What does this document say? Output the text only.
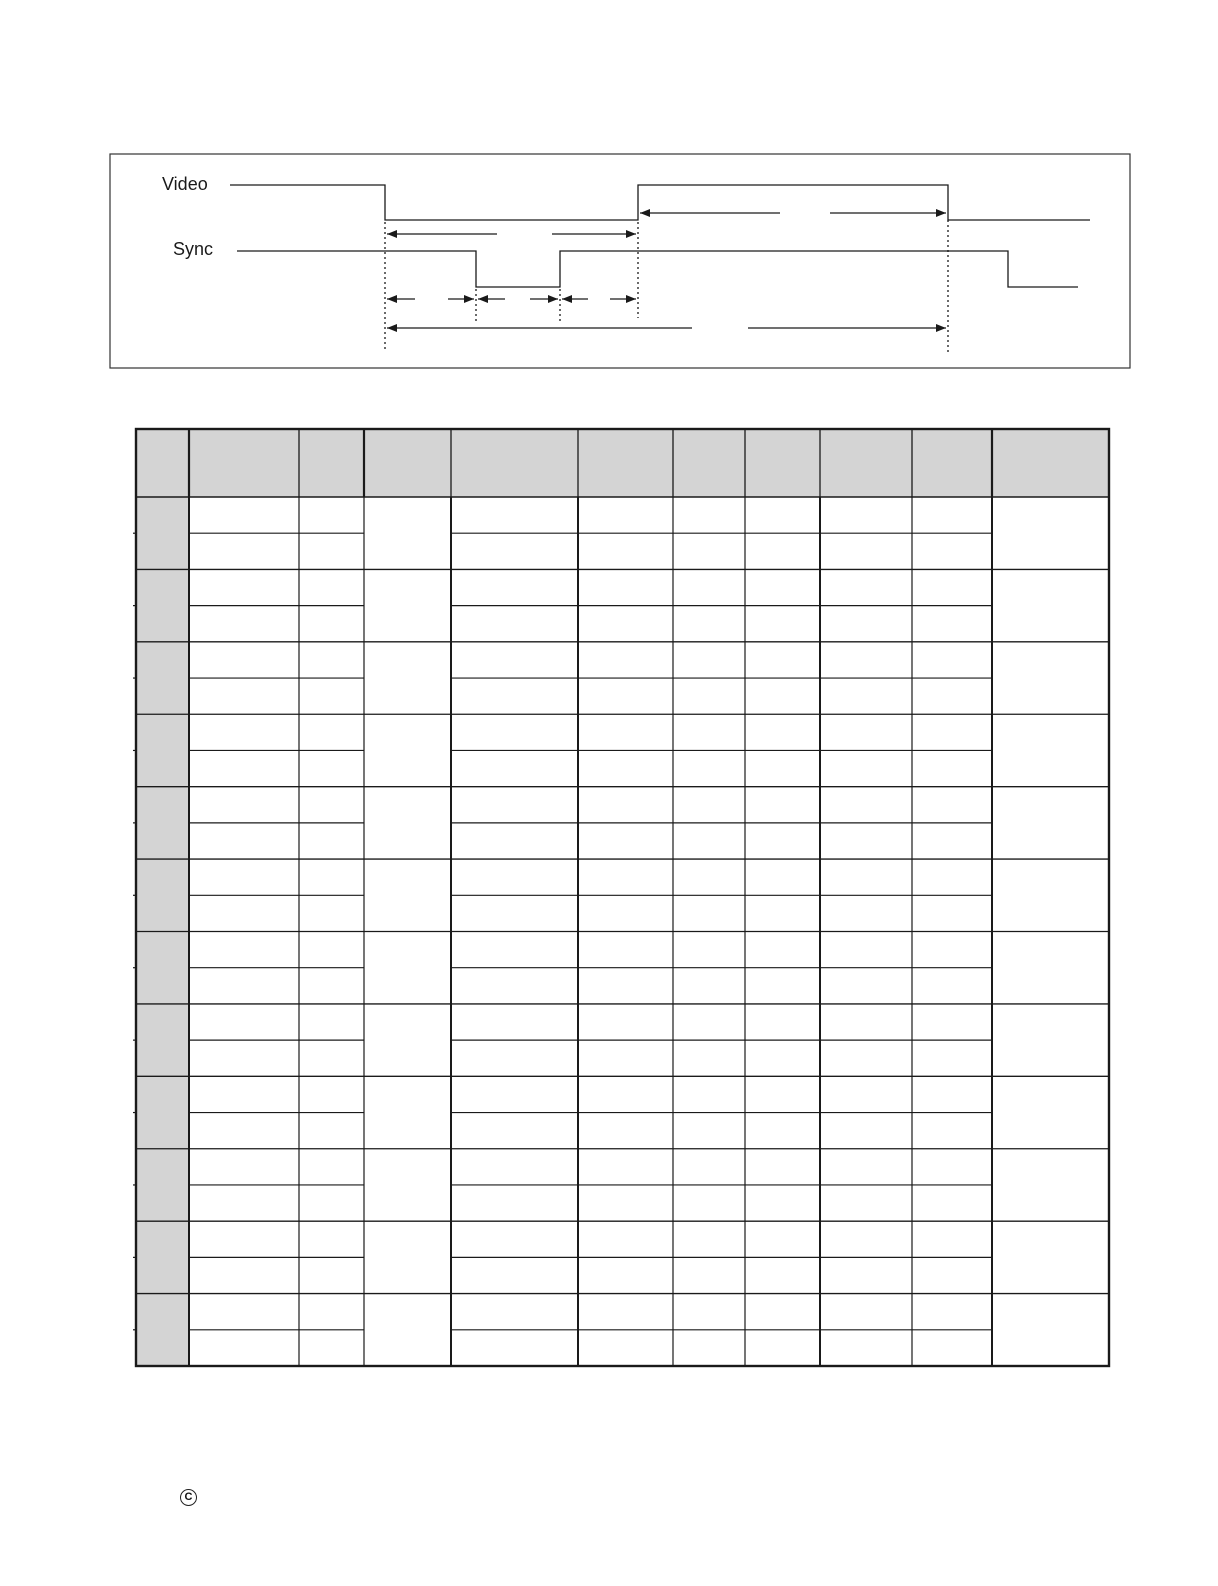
Video
Sync
C
